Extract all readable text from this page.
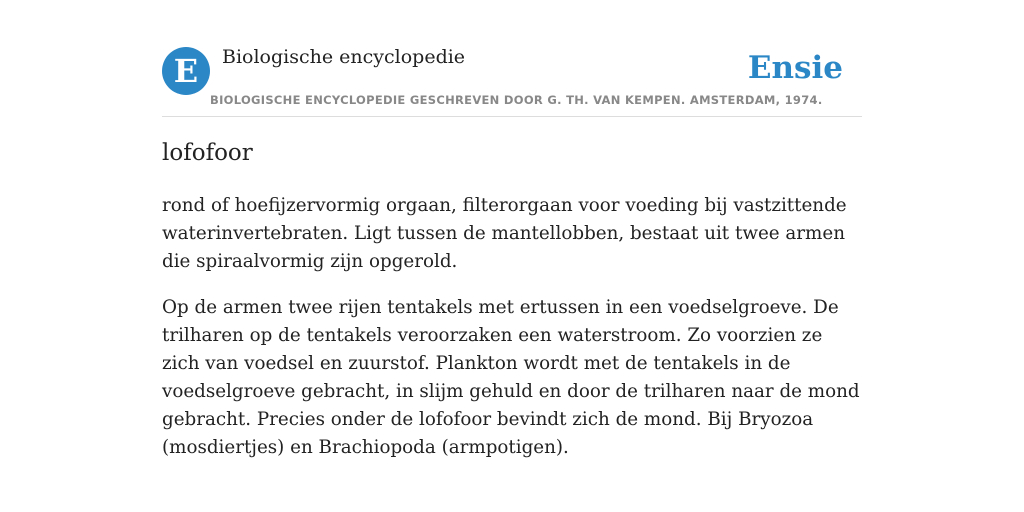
E	Biologische encyclopedie	Ensie
BIOLOGISCHE ENCYCLOPEDIE GESCHREVEN DOOR G. TH. VAN KEMPEN. AMSTERDAM, 1974.
lofofoor

rond of hoefijzervormig orgaan, filterorgaan voor voeding bij vastzittende waterinvertebraten. Ligt tussen de mantellobben, bestaat uit twee armen die spiraalvormig zijn opgerold.

Op de armen twee rijen tentakels met ertussen in een voedselgroeve. De trilharen op de tentakels veroorzaken een waterstroom. Zo voorzien ze zich van voedsel en zuurstof. Plankton wordt met de tentakels in de voedselgroeve gebracht, in slijm gehuld en door de trilharen naar de mond gebracht. Precies onder de lofofoor bevindt zich de mond. Bij Bryozoa (mosdiertjes) en Brachiopoda (armpotigen).
